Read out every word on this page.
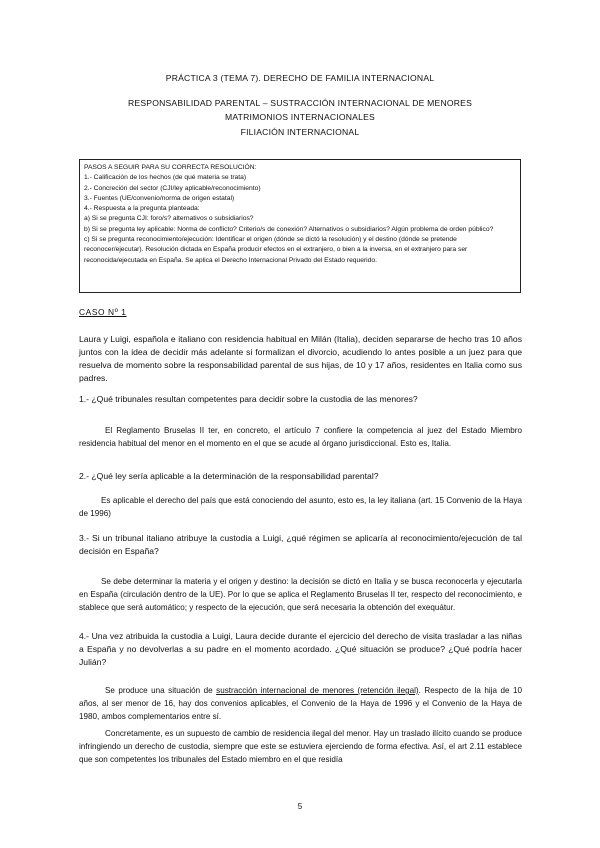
PRÁCTICA 3 (TEMA 7). DERECHO DE FAMILIA INTERNACIONAL
RESPONSABILIDAD PARENTAL – SUSTRACCIÓN INTERNACIONAL DE MENORES
MATRIMONIOS INTERNACIONALES
FILIACIÓN INTERNACIONAL
PASOS A SEGUIR PARA SU CORRECTA RESOLUCIÓN:
1.- Calificación de los hechos (de qué materia se trata)
2.- Concreción del sector (CJI/ley aplicable/reconocimiento)
3.- Fuentes (UE/convenio/norma de origen estatal)
4.- Respuesta a la pregunta planteada:
a) Si se pregunta CJI: foro/s? alternativos o subsidiarios?
b) Si se pregunta ley aplicable: Norma de conflicto? Criterio/s de conexión? Alternativos o subsidiarios? Algún problema de orden público?
c) Si se pregunta reconocimiento/ejecución: Identificar el origen (dónde se dictó la resolución) y el destino (dónde se pretende reconocer/ejecutar). Resolución dictada en España producir efectos en el extranjero, o bien a la inversa, en el extranjero para ser reconocida/ejecutada en España. Se aplica el Derecho Internacional Privado del Estado requerido.
CASO Nº 1
Laura y Luigi, española e italiano con residencia habitual en Milán (Italia), deciden separarse de hecho tras 10 años juntos con la idea de decidir más adelante si formalizan el divorcio, acudiendo lo antes posible a un juez para que resuelva de momento sobre la responsabilidad parental de sus hijas, de 10 y 17 años, residentes en Italia como sus padres.
1.- ¿Qué tribunales resultan competentes para decidir sobre la custodia de las menores?
El Reglamento Bruselas II ter, en concreto, el artículo 7 confiere la competencia al juez del Estado Miembro residencia habitual del menor en el momento en el que se acude al órgano jurisdiccional. Esto es, Italia.
2.- ¿Qué ley sería aplicable a la determinación de la responsabilidad parental?
Es aplicable el derecho del país que está conociendo del asunto, esto es, la ley italiana (art. 15 Convenio de la Haya de 1996)
3.- Si un tribunal italiano atribuye la custodia a Luigi, ¿qué régimen se aplicaría al reconocimiento/ejecución de tal decisión en España?
Se debe determinar la materia y el origen y destino: la decisión se dictó en Italia y se busca reconocerla y ejecutarla en España (circulación dentro de la UE). Por lo que se aplica el Reglamento Bruselas II ter, respecto del reconocimiento, e stablece que será automático; y respecto de la ejecución, que será necesaria la obtención del exequátur.
4.- Una vez atribuida la custodia a Luigi, Laura decide durante el ejercicio del derecho de visita trasladar a las niñas a España y no devolverlas a su padre en el momento acordado. ¿Qué situación se produce? ¿Qué podría hacer Julián?
Se produce una situación de sustracción internacional de menores (retención ilegal). Respecto de la hija de 10 años, al ser menor de 16, hay dos convenios aplicables, el Convenio de la Haya de 1996 y el Convenio de la Haya de 1980, ambos complementarios entre sí.
Concretamente, es un supuesto de cambio de residencia ilegal del menor. Hay un traslado ilícito cuando se produce infringiendo un derecho de custodia, siempre que este se estuviera ejerciendo de forma efectiva. Así, el art 2.11 establece que son competentes los tribunales del Estado miembro en el que residía
5
